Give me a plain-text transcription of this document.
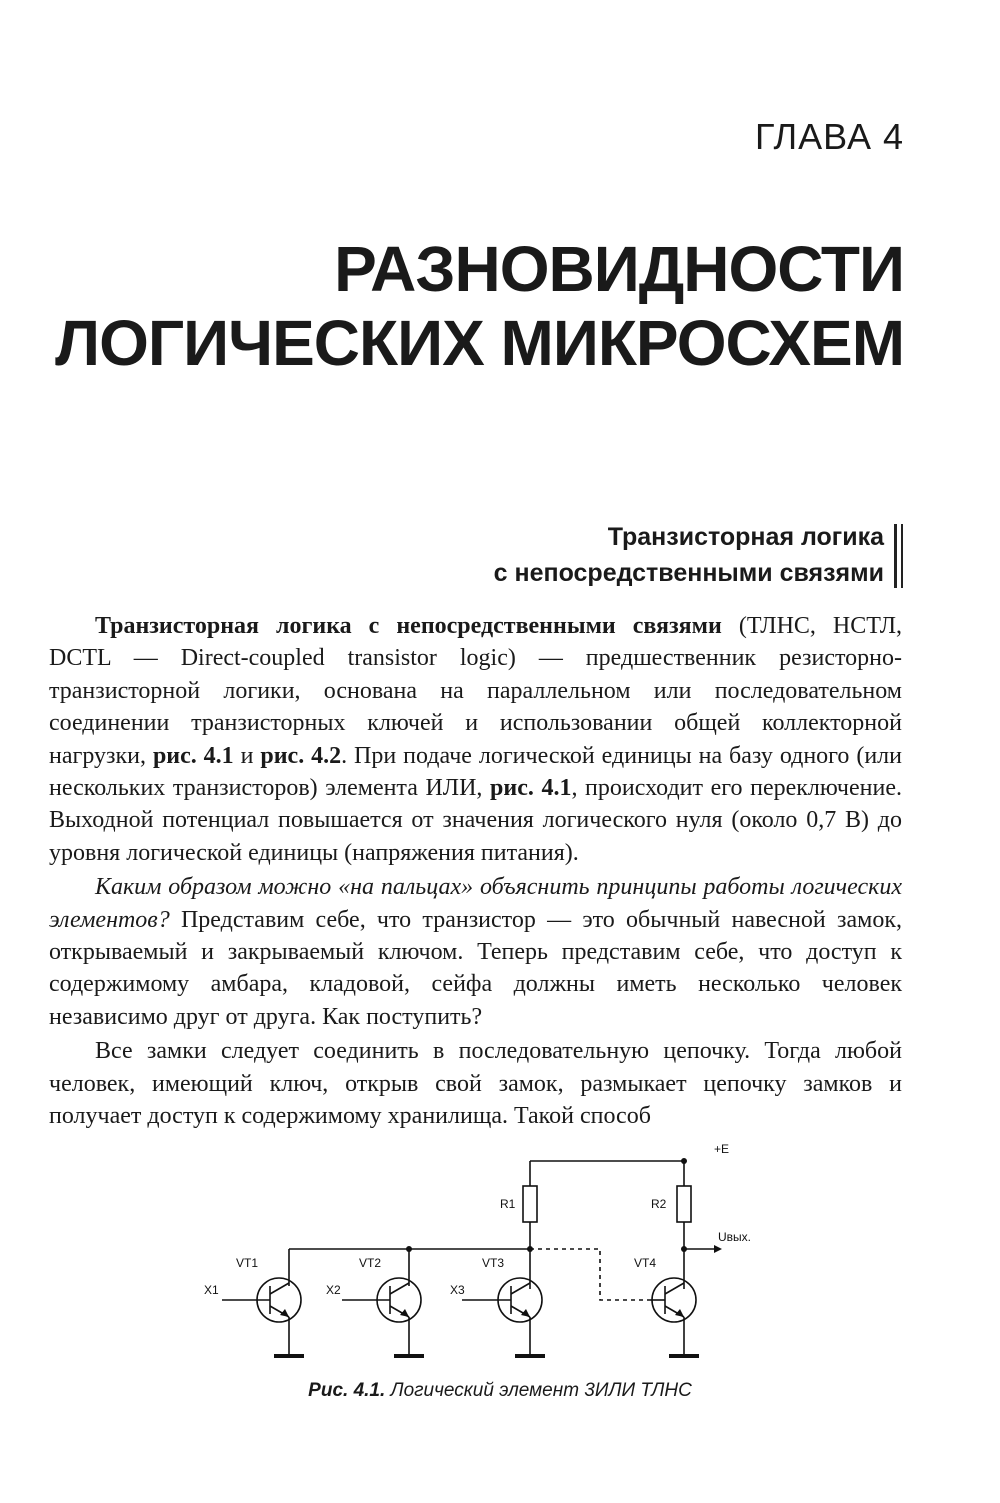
ГЛАВА 4
РАЗНОВИДНОСТИ
ЛОГИЧЕСКИХ МИКРОСХЕМ
Транзисторная логика
с непосредственными связями

Транзисторная логика с непосредственными связями (ТЛНС, НСТЛ, DCTL — Direct-coupled transistor logic) — предшественник резисторно-транзисторной логики, основана на параллельном или последовательном соединении транзисторных ключей и использовании общей коллекторной нагрузки, рис. 4.1 и рис. 4.2. При подаче логической единицы на базу одного (или нескольких транзисторов) элемента ИЛИ, рис. 4.1, происходит его переключение. Выходной потенциал повышается от значения логического нуля (около 0,7 В) до уровня логической единицы (напряжения питания).

Каким образом можно «на пальцах» объяснить принципы работы логических элементов? Представим себе, что транзистор — это обычный навесной замок, открываемый и закрываемый ключом. Теперь представим себе, что доступ к содержимому амбара, кладовой, сейфа должны иметь несколько человек независимо друг от друга. Как поступить?

Все замки следует соединить в последовательную цепочку. Тогда любой человек, имеющий ключ, открыв свой замок, размыкает цепочку замков и получает доступ к содержимому хранилища. Такой способ

+E
R1	R2
Uвых.
VT1	VT2	VT3	VT4
X1	X2	X3
Рис. 4.1. Логический элемент 3ИЛИ ТЛНС
